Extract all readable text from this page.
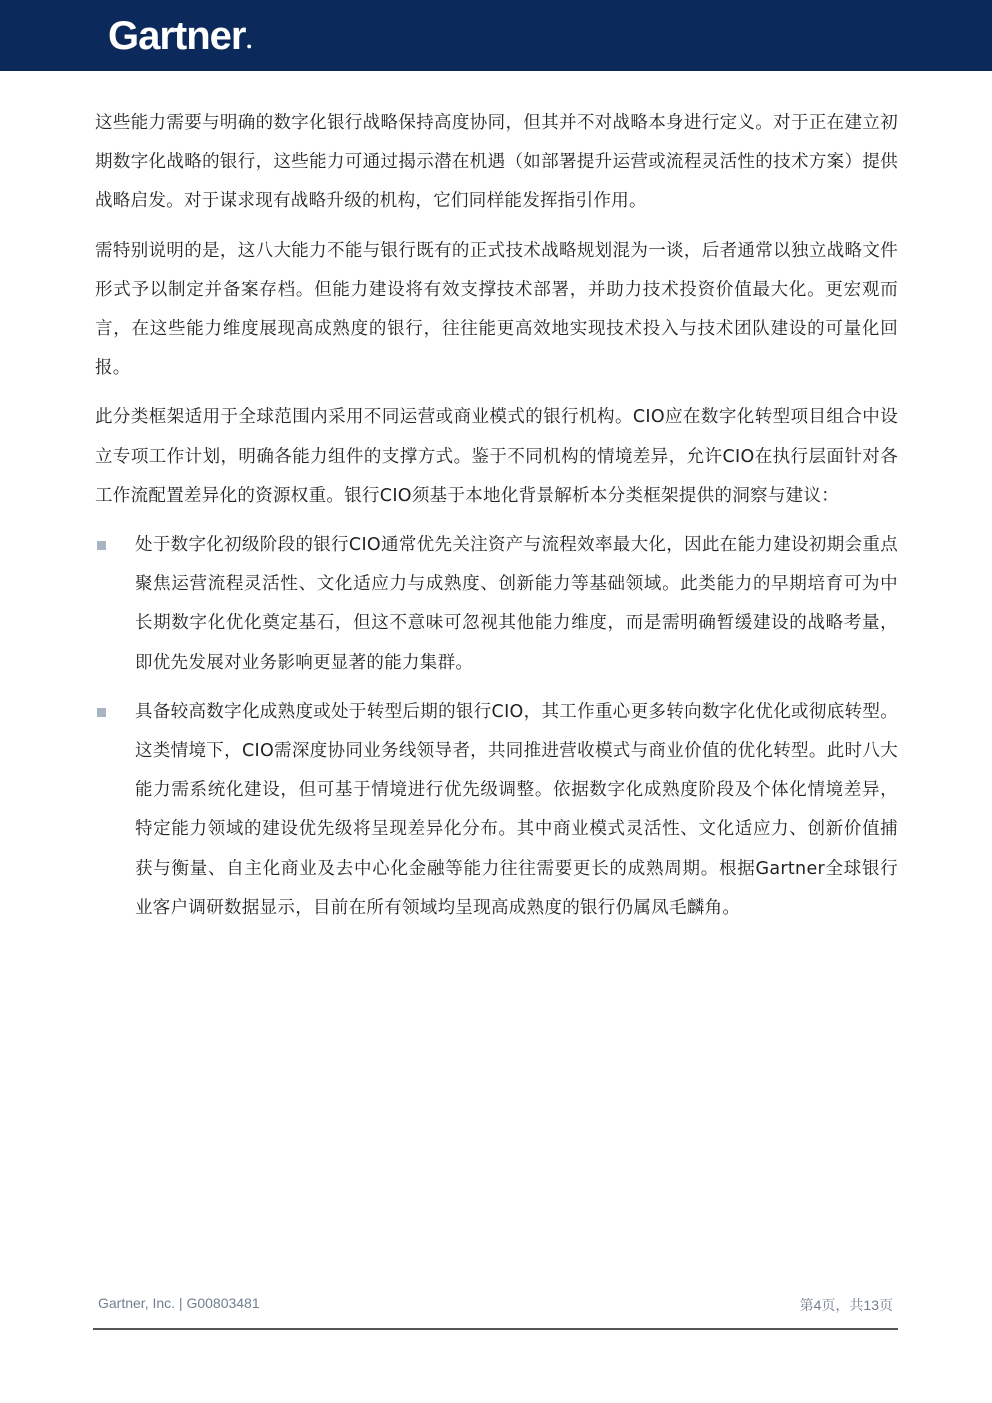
Gartner●

这些能力需要与明确的数字化银行战略保持高度协同，但其并不对战略本身进行定义。对于正在建立初期数字化战略的银行，这些能力可通过揭示潜在机遇（如部署提升运营或流程灵活性的技术方案）提供战略启发。对于谋求现有战略升级的机构，它们同样能发挥指引作用。

需特别说明的是，这八大能力不能与银行既有的正式技术战略规划混为一谈，后者通常以独立战略文件形式予以制定并备案存档。但能力建设将有效支撑技术部署，并助力技术投资价值最大化。更宏观而言，在这些能力维度展现高成熟度的银行，往往能更高效地实现技术投入与技术团队建设的可量化回报。

此分类框架适用于全球范围内采用不同运营或商业模式的银行机构。CIO应在数字化转型项目组合中设立专项工作计划，明确各能力组件的支撑方式。鉴于不同机构的情境差异，允许CIO在执行层面针对各工作流配置差异化的资源权重。银行CIO须基于本地化背景解析本分类框架提供的洞察与建议：

处于数字化初级阶段的银行CIO通常优先关注资产与流程效率最大化，因此在能力建设初期会重点聚焦运营流程灵活性、文化适应力与成熟度、创新能力等基础领域。此类能力的早期培育可为中长期数字化优化奠定基石，但这不意味可忽视其他能力维度，而是需明确暂缓建设的战略考量，即优先发展对业务影响更显著的能力集群。
具备较高数字化成熟度或处于转型后期的银行CIO，其工作重心更多转向数字化优化或彻底转型。这类情境下，CIO需深度协同业务线领导者，共同推进营收模式与商业价值的优化转型。此时八大能力需系统化建设，但可基于情境进行优先级调整。依据数字化成熟度阶段及个体化情境差异，特定能力领域的建设优先级将呈现差异化分布。其中商业模式灵活性、文化适应力、创新价值捕获与衡量、自主化商业及去中心化金融等能力往往需要更长的成熟周期。根据Gartner全球银行业客户调研数据显示，目前在所有领域均呈现高成熟度的银行仍属凤毛麟角。
Gartner, Inc. | G00803481	第4页，共13页
